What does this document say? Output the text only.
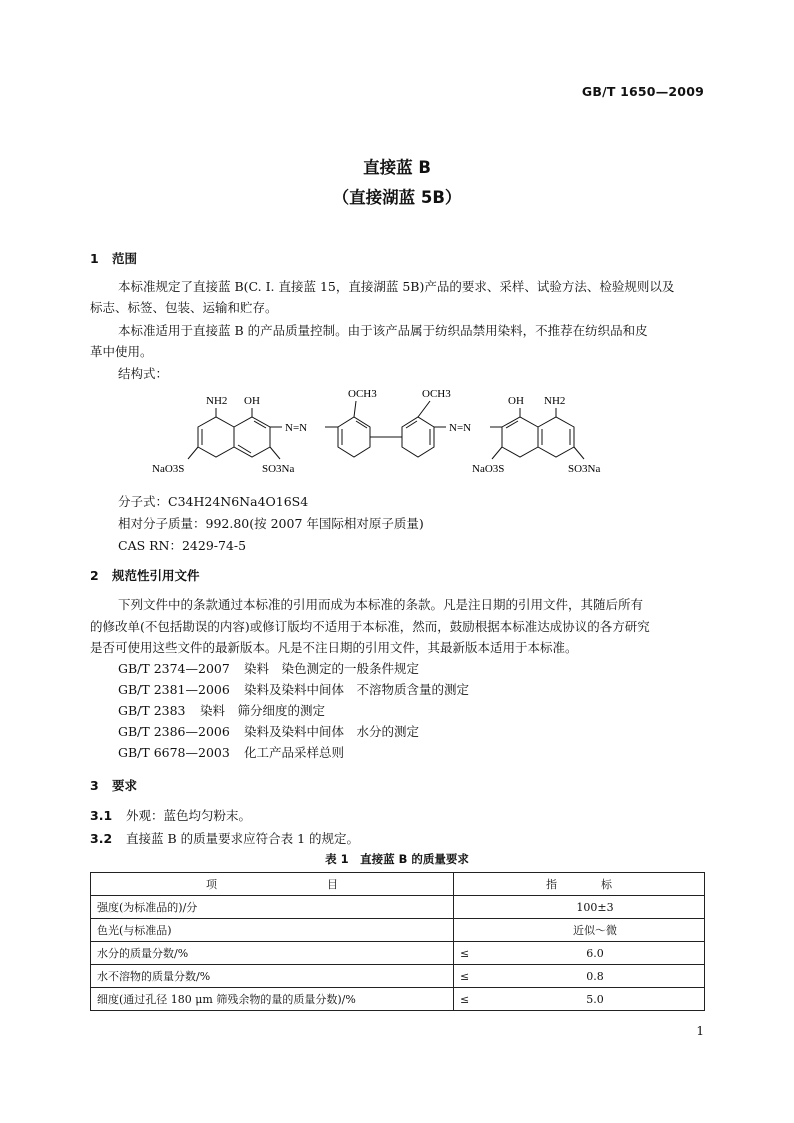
GB/T 1650—2009
直接蓝 B
（直接湖蓝 5B）
1 范围
本标准规定了直接蓝 B(C. I. 直接蓝 15，直接湖蓝 5B)产品的要求、采样、试验方法、检验规则以及
标志、标签、包装、运输和贮存。
本标准适用于直接蓝 B 的产品质量控制。由于该产品属于纺织品禁用染料，不推荐在纺织品和皮
革中使用。
结构式：
NH2 OH
N=N
OCH3	OCH3
N=N
OH NH2
NaO3S	SO3Na	NaO3S	SO3Na
分子式：C34H24N6Na4O16S4
相对分子质量：992.80(按 2007 年国际相对原子质量)
CAS RN：2429-74-5
2 规范性引用文件
下列文件中的条款通过本标准的引用而成为本标准的条款。凡是注日期的引用文件，其随后所有
的修改单(不包括勘误的内容)或修订版均不适用于本标准，然而，鼓励根据本标准达成协议的各方研究
是否可使用这些文件的最新版本。凡是不注日期的引用文件，其最新版本适用于本标准。
GB/T 2374—2007 染料　染色测定的一般条件规定
GB/T 2381—2006 染料及染料中间体　不溶物质含量的测定
GB/T 2383 染料　筛分细度的测定
GB/T 2386—2006 染料及染料中间体　水分的测定
GB/T 6678—2003 化工产品采样总则
3 要求
3.1 外观：蓝色均匀粉末。
3.2 直接蓝 B 的质量要求应符合表 1 的规定。
表 1　直接蓝 B 的质量要求
项　　　　　　　　　　目	指　　　　标	
强度(为标准品的)/分		100±3
色光(与标准品)		近似～微
水分的质量分数/%	≤	6.0
水不溶物的质量分数/%	≤	0.8
细度(通过孔径 180 μm 筛残余物的量的质量分数)/%	≤	5.0
1
